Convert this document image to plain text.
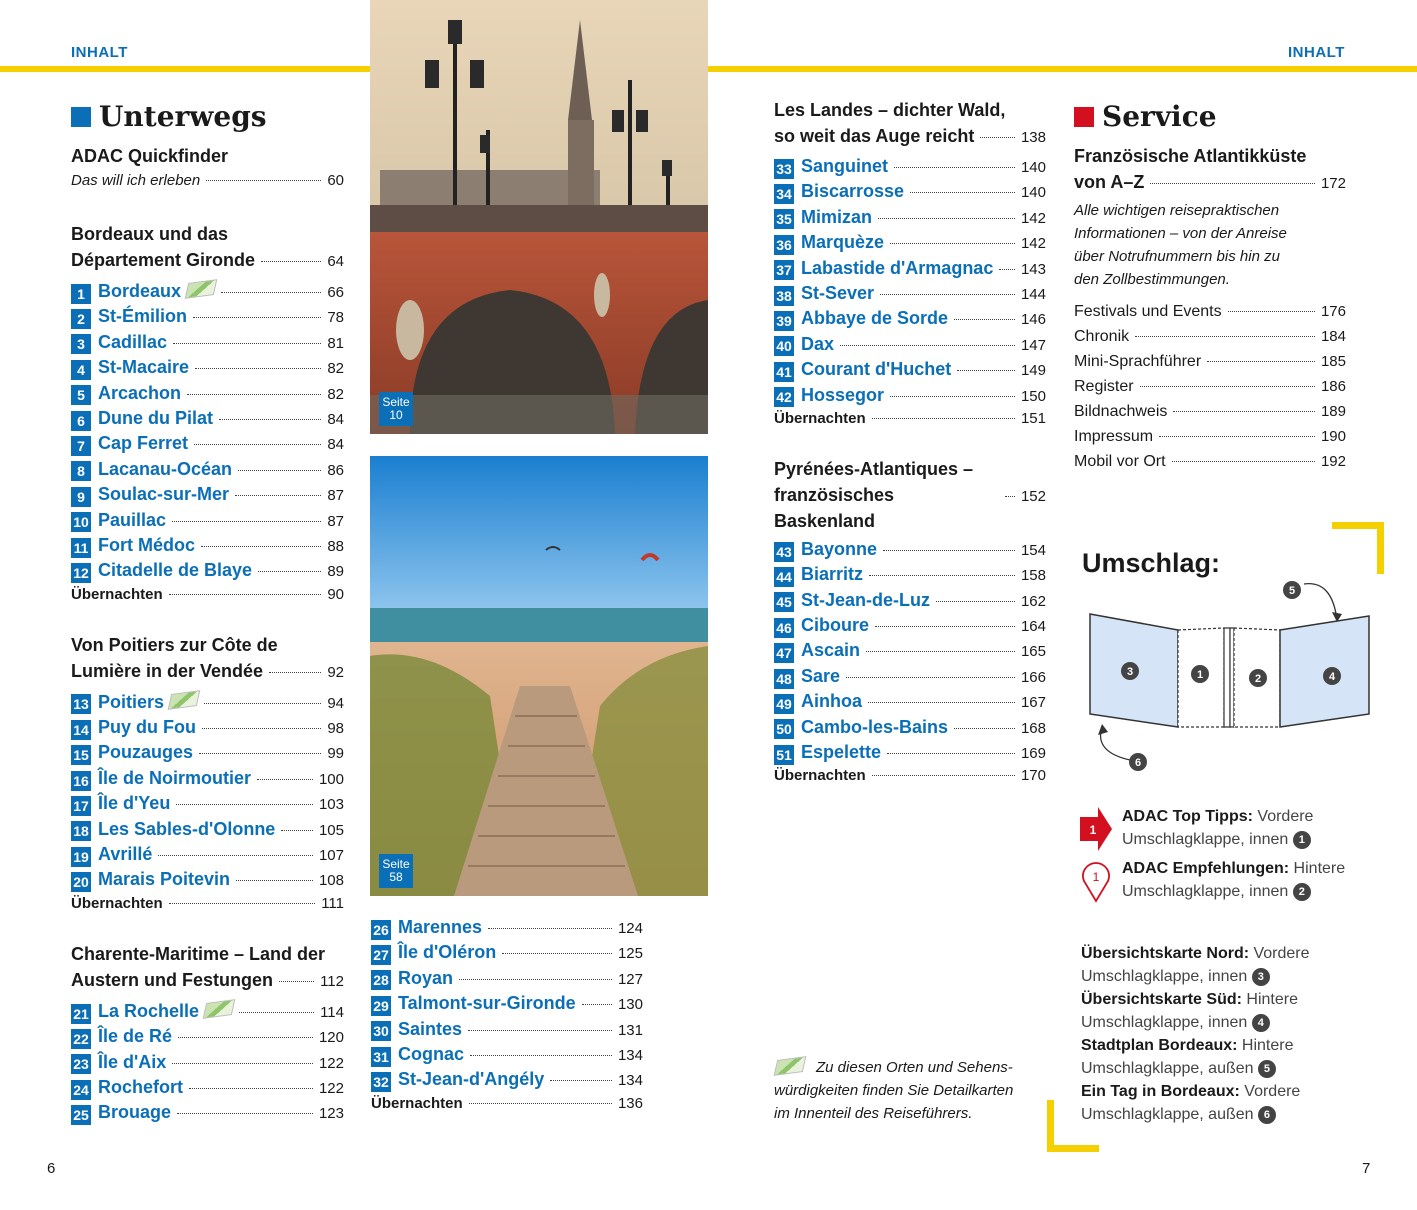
INHALT	INHALT
Unterwegs
ADAC Quickfinder
Das will ich erleben	60
Bordeaux und das
Département Gironde	64
1 Bordeaux	66
2 St-Émilion	78
3 Cadillac	81
4 St-Macaire	82
5 Arcachon	82
6 Dune du Pilat	84
7 Cap Ferret	84
8 Lacanau-Océan	86
9 Soulac-sur-Mer	87
10 Pauillac	87
11 Fort Médoc	88
12 Citadelle de Blaye	89
Übernachten	90
Von Poitiers zur Côte de
Lumière in der Vendée	92
13 Poitiers	94
14 Puy du Fou	98
15 Pouzauges	99
16 Île de Noirmoutier	100
17 Île d'Yeu	103
18 Les Sables-d'Olonne	105
19 Avrillé	107
20 Marais Poitevin	108
Übernachten	111
Charente-Maritime – Land der
Austern und Festungen	112
21 La Rochelle	114
22 Île de Ré	120
23 Île d'Aix	122
24 Rochefort	122
25 Brouage	123
Seite
10
Seite
58
26 Marennes	124
27 Île d'Oléron	125
28 Royan	127
29 Talmont-sur-Gironde	130
30 Saintes	131
31 Cognac	134
32 St-Jean-d'Angély	134
Übernachten	136
Les Landes – dichter Wald,
so weit das Auge reicht	138
33 Sanguinet	140
34 Biscarrosse	140
35 Mimizan	142
36 Marquèze	142
37 Labastide d'Armagnac 143
38 St-Sever	144
39 Abbaye de Sorde	146
40 Dax	147
41 Courant d'Huchet	149
42 Hossegor	150
Übernachten	151
Pyrénées-Atlantiques –
französisches Baskenland
152
43 Bayonne	154
44 Biarritz	158
45 St-Jean-de-Luz	162
46 Ciboure	164
47 Ascain	165
48 Sare	166
49 Ainhoa	167
50 Cambo-les-Bains	168
51 Espelette	169
Übernachten	170
Zu diesen Orten und Sehens-
würdigkeiten finden Sie Detailkarten
im Innenteil des Reiseführers.
Service
Französische Atlantikküste
von A–Z	172
Alle wichtigen reisepraktischen
Informationen – von der Anreise
über Notrufnummern bis hin zu
den Zollbestimmungen.
Festivals und Events	176
Chronik	184
Mini-Sprachführer	185
Register	186
Bildnachweis	189
Impressum	190
Mobil vor Ort	192
Umschlag:
3	1	2	4
5
6
1
ADAC Top Tipps: Vordere
Umschlagklappe, innen 1
1	ADAC Empfehlungen: Hintere
Umschlagklappe, innen 2
Übersichtskarte Nord: Vordere
Umschlagklappe, innen 3
Übersichtskarte Süd: Hintere
Umschlagklappe, innen 4
Stadtplan Bordeaux: Hintere
Umschlagklappe, außen 5
Ein Tag in Bordeaux: Vordere
Umschlagklappe, außen 6
6	7
